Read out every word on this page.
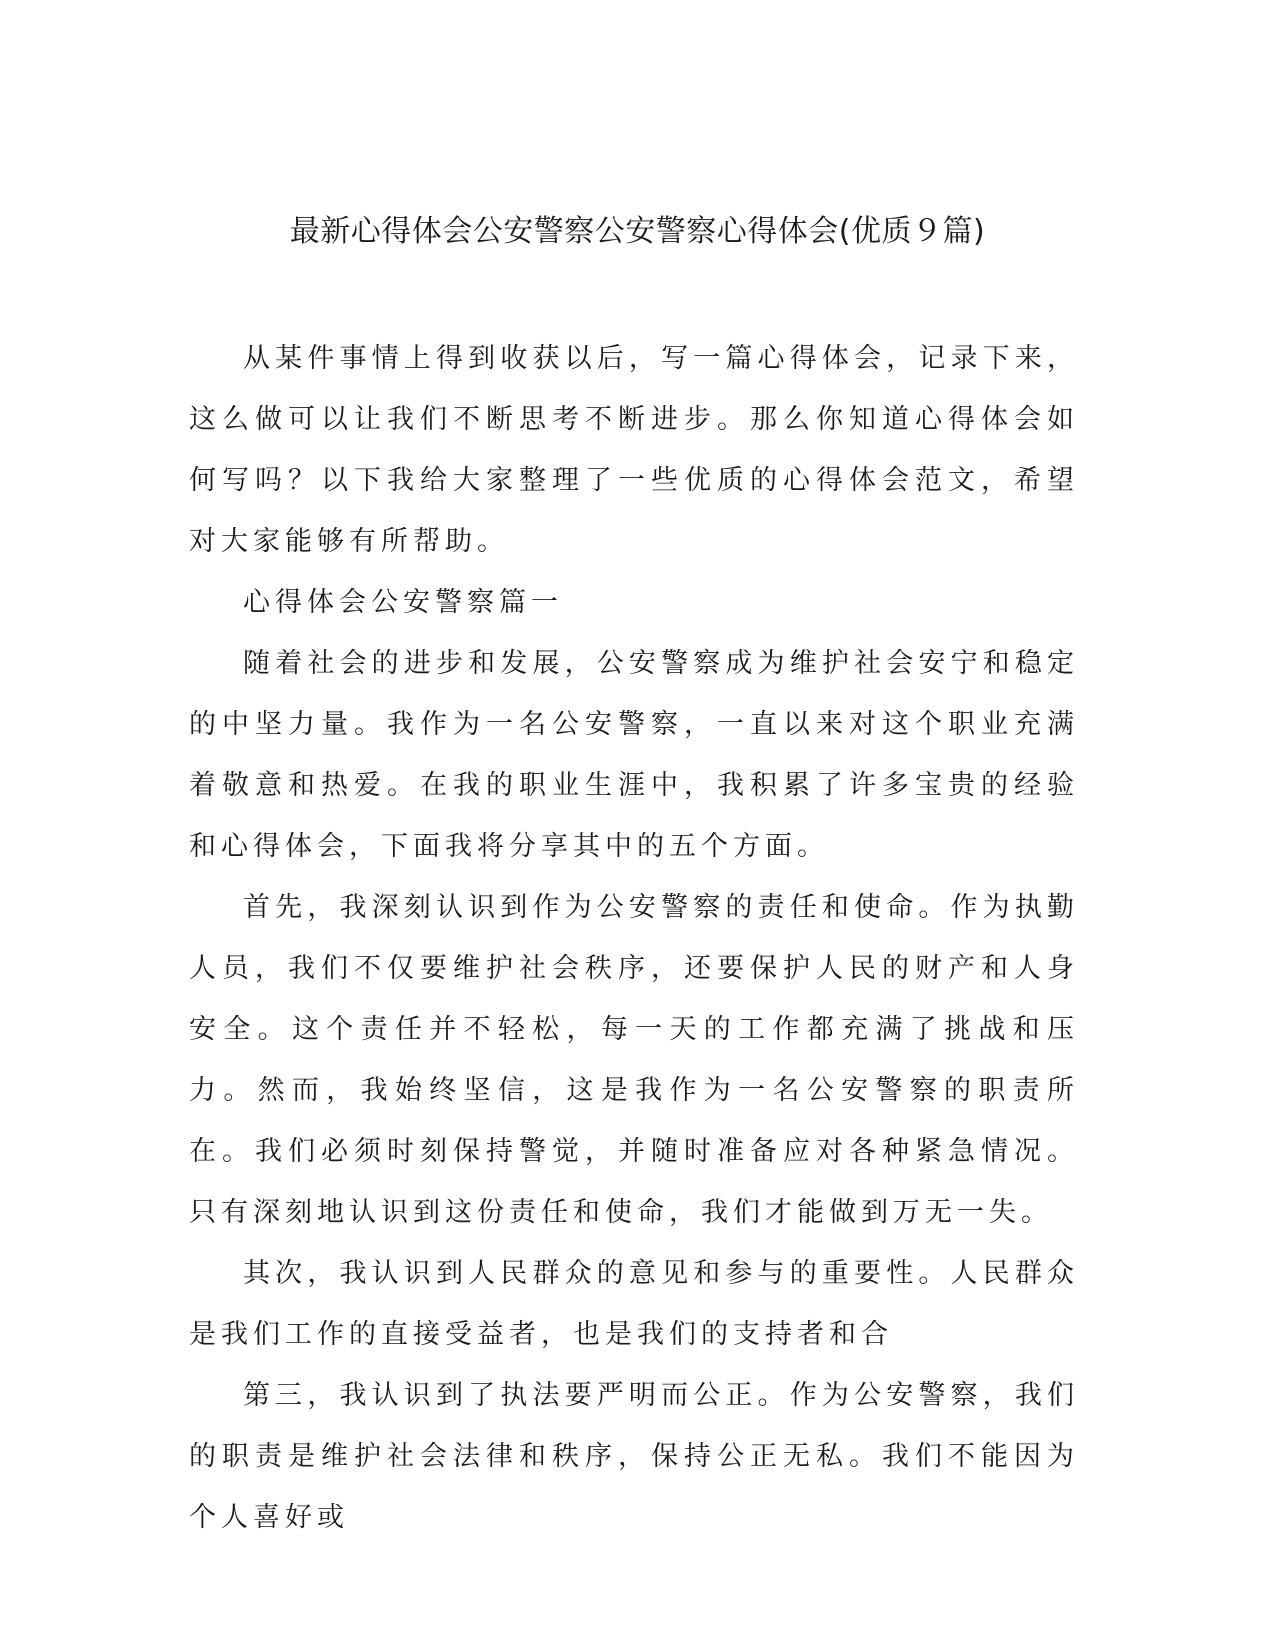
最新心得体会公安警察公安警察心得体会(优质９篇)

从某件事情上得到收获以后，写一篇心得体会，记录下来，这么做可以让我们不断思考不断进步。那么你知道心得体会如何写吗？以下我给大家整理了一些优质的心得体会范文，希望对大家能够有所帮助。

心得体会公安警察篇一

随着社会的进步和发展，公安警察成为维护社会安宁和稳定的中坚力量。我作为一名公安警察，一直以来对这个职业充满着敬意和热爱。在我的职业生涯中，我积累了许多宝贵的经验和心得体会，下面我将分享其中的五个方面。

首先，我深刻认识到作为公安警察的责任和使命。作为执勤人员，我们不仅要维护社会秩序，还要保护人民的财产和人身安全。这个责任并不轻松，每一天的工作都充满了挑战和压力。然而，我始终坚信，这是我作为一名公安警察的职责所在。我们必须时刻保持警觉，并随时准备应对各种紧急情况。只有深刻地认识到这份责任和使命，我们才能做到万无一失。

其次，我认识到人民群众的意见和参与的重要性。人民群众是我们工作的直接受益者，也是我们的支持者和合

第三，我认识到了执法要严明而公正。作为公安警察，我们的职责是维护社会法律和秩序，保持公正无私。我们不能因为个人喜好或
